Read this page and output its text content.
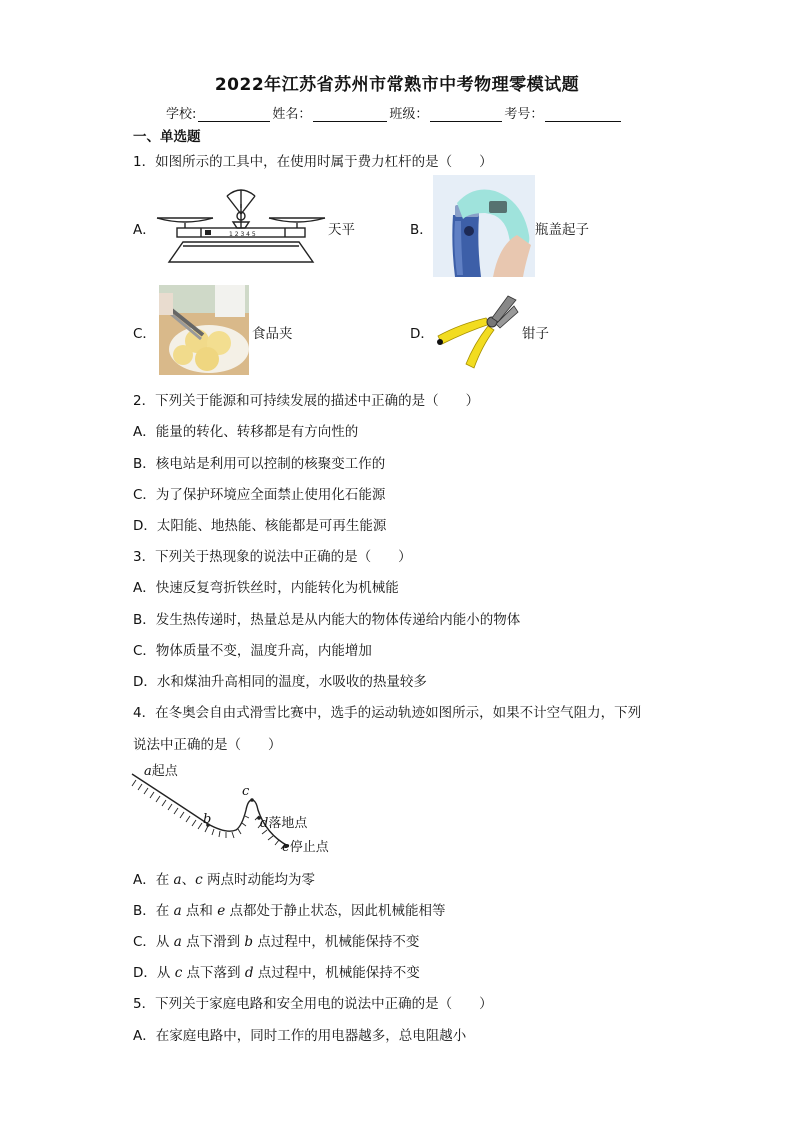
2022年江苏省苏州市常熟市中考物理零模试题
学校:	姓名：	班级：	考号：
一、单选题
1．如图所示的工具中，在使用时属于费力杠杆的是（　　）
A．	1 2 3 4 5	天平	B．	瓶盖起子
C．	食品夹	D．	钳子
2．下列关于能源和可持续发展的描述中正确的是（　　）
A．能量的转化、转移都是有方向性的
B．核电站是利用可以控制的核聚变工作的
C．为了保护环境应全面禁止使用化石能源
D．太阳能、地热能、核能都是可再生能源
3．下列关于热现象的说法中正确的是（　　）
A．快速反复弯折铁丝时，内能转化为机械能
B．发生热传递时，热量总是从内能大的物体传递给内能小的物体
C．物体质量不变，温度升高，内能增加
D．水和煤油升高相同的温度，水吸收的热量较多
4．在冬奥会自由式滑雪比赛中，选手的运动轨迹如图所示，如果不计空气阻力，下列
说法中正确的是（　　）
a起点
b
c
d落地点
e停止点
A．在 a、c 两点时动能均为零
B．在 a 点和 e 点都处于静止状态，因此机械能相等
C．从 a 点下滑到 b 点过程中，机械能保持不变
D．从 c 点下落到 d 点过程中，机械能保持不变
5．下列关于家庭电路和安全用电的说法中正确的是（　　）
A．在家庭电路中，同时工作的用电器越多，总电阻越小
